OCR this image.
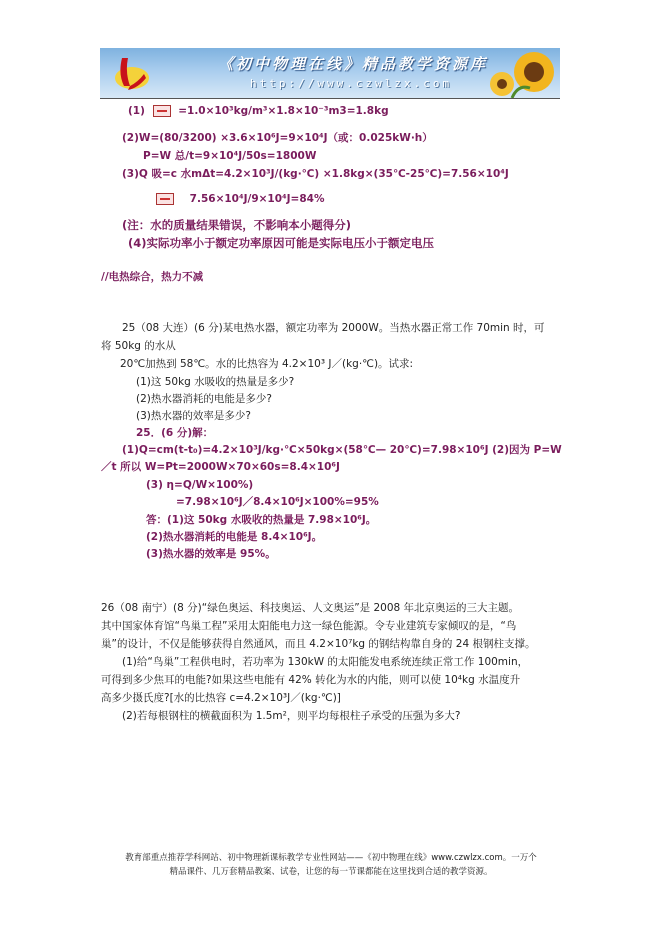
《初中物理在线》精品教学资源库
http://www.czwlzx.com
(1)	=1.0×10³kg/m³×1.8×10⁻³m3=1.8kg
(2)W=(80/3200) ×3.6×10⁶J=9×10⁴J（或：0.025kW·h）
P=W 总/t=9×10⁴J/50s=1800W
(3)Q 吸=c 水mΔt=4.2×10³J/(kg·℃) ×1.8kg×(35℃-25℃)=7.56×10⁴J
7.56×10⁴J/9×10⁴J=84%
(注：水的质量结果错误，不影响本小题得分)
(4)实际功率小于额定功率原因可能是实际电压小于额定电压
//电热综合，热力不减
25（08 大连）(6 分)某电热水器，额定功率为 2000W。当热水器正常工作 70min 时，可
将 50kg 的水从
20℃加热到 58℃。水的比热容为 4.2×10³ J／(kg·℃)。试求:
(1)这 50kg 水吸收的热量是多少?
(2)热水器消耗的电能是多少?
(3)热水器的效率是多少?
25．(6 分)解：
(1)Q=cm(t-t₀)=4.2×10³J/kg·℃×50kg×(58℃— 20℃)=7.98×10⁶J (2)因为 P=W
／t 所以 W=Pt=2000W×70×60s=8.4×10⁶J
(3) η=Q/W×100%)
=7.98×10⁶J／8.4×10⁶J×100%=95%
答：(1)这 50kg 水吸收的热量是 7.98×10⁶J。
(2)热水器消耗的电能是 8.4×10⁶J。
(3)热水器的效率是 95%。
26（08 南宁）(8 分)“绿色奥运、科技奥运、人文奥运”是 2008 年北京奥运的三大主题。
其中国家体育馆“鸟巢工程”采用太阳能电力这一绿色能源。令专业建筑专家倾叹的是，“鸟
巢”的设计，不仅是能够获得自然通风，而且 4.2×10⁷kg 的钢结构靠自身的 24 根钢柱支撑。
(1)给“鸟巢”工程供电时，若功率为 130kW 的太阳能发电系统连续正常工作 100min，
可得到多少焦耳的电能?如果这些电能有 42% 转化为水的内能，则可以使 10⁴kg 水温度升
高多少摄氏度?[水的比热容 c=4.2×10³J／(kg·℃)]
(2)若每根钢柱的横截面积为 1.5m²，则平均每根柱子承受的压强为多大?
教育部重点推荐学科网站、初中物理新课标教学专业性网站——《初中物理在线》www.czwlzx.com。一万个
精品课件、几万套精品教案、试卷，让您的每一节课都能在这里找到合适的教学资源。
